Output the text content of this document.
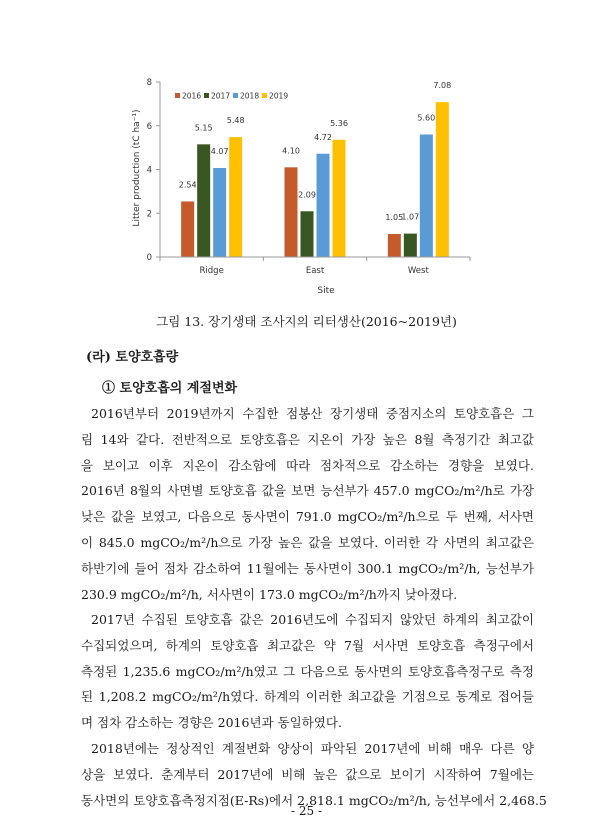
0
2
4
6
8
2.54
5.15
4.07
5.48
4.10
2.09
4.72
5.36
1.05
1.07
5.60
7.08
Ridge	East	West
2016 2017 2018 2019
Litter production (tC ha⁻¹)
Site
그림 13. 장기생태 조사지의 리터생산(2016~2019년)
(라) 토양호흡량
① 토양호흡의 계절변화
2016년부터 2019년까지 수집한 점봉산 장기생태 중점지소의 토양호흡은 그
림 14와 같다. 전반적으로 토양호흡은 지온이 가장 높은 8월 측정기간 최고값
을 보이고 이후 지온이 감소함에 따라 점차적으로 감소하는 경향을 보였다.
2016년 8월의 사면별 토양호흡 값을 보면 능선부가 457.0 mgCO₂/m²/h로 가장
낮은 값을 보였고, 다음으로 동사면이 791.0 mgCO₂/m²/h으로 두 번째, 서사면
이 845.0 mgCO₂/m²/h으로 가장 높은 값을 보였다. 이러한 각 사면의 최고값은
하반기에 들어 점차 감소하여 11월에는 동사면이 300.1 mgCO₂/m²/h, 능선부가
230.9 mgCO₂/m²/h, 서사면이 173.0 mgCO₂/m²/h까지 낮아졌다.
2017년 수집된 토양호흡 값은 2016년도에 수집되지 않았던 하계의 최고값이
수집되었으며, 하계의 토양호흡 최고값은 약 7월 서사면 토양호흡 측정구에서
측정된 1,235.6 mgCO₂/m²/h였고 그 다음으로 동사면의 토양호흡측정구로 측정
된 1,208.2 mgCO₂/m²/h였다. 하계의 이러한 최고값을 기점으로 동계로 접어들
며 점차 감소하는 경향은 2016년과 동일하였다.
2018년에는 정상적인 계절변화 양상이 파악된 2017년에 비해 매우 다른 양
상을 보였다. 춘계부터 2017년에 비해 높은 값으로 보이기 시작하여 7월에는
동사면의 토양호흡측정지점(E-Rs)에서 2,818.1 mgCO₂/m²/h, 능선부에서 2,468.5
- 25 -
